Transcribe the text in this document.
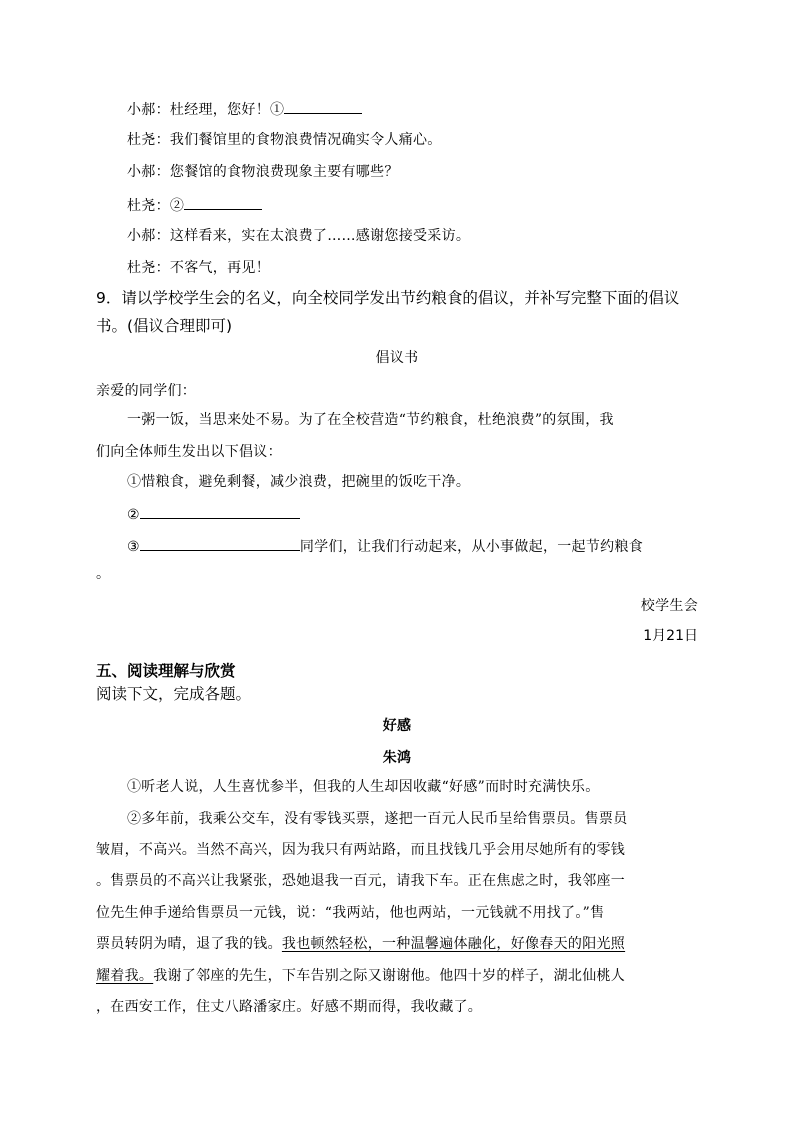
小郝：杜经理，您好！①
杜尧：我们餐馆里的食物浪费情况确实令人痛心。
小郝：您餐馆的食物浪费现象主要有哪些？
杜尧：②
小郝：这样看来，实在太浪费了……感谢您接受采访。
杜尧：不客气，再见！
9．请以学校学生会的名义，向全校同学发出节约粮食的倡议，并补写完整下面的倡议
书。(倡议合理即可)
倡议书
亲爱的同学们：
一粥一饭，当思来处不易。为了在全校营造“节约粮食，杜绝浪费”的氛围，我
们向全体师生发出以下倡议：
①惜粮食，避免剩餐，减少浪费，把碗里的饭吃干净。
②
③	同学们，让我们行动起来，从小事做起，一起节约粮食
。
校学生会
1月21日
五、阅读理解与欣赏
阅读下文，完成各题。
好感
朱鸿
①听老人说，人生喜忧参半，但我的人生却因收藏“好感”而时时充满快乐。
②多年前，我乘公交车，没有零钱买票，遂把一百元人民币呈给售票员。售票员
皱眉，不高兴。当然不高兴，因为我只有两站路，而且找钱几乎会用尽她所有的零钱
。售票员的不高兴让我紧张，恐她退我一百元，请我下车。正在焦虑之时，我邻座一
位先生伸手递给售票员一元钱，说：“我两站，他也两站，一元钱就不用找了。”售
票员转阴为晴，退了我的钱。我也顿然轻松，一种温馨遍体融化，好像春天的阳光照
耀着我。我谢了邻座的先生，下车告别之际又谢谢他。他四十岁的样子，湖北仙桃人
，在西安工作，住丈八路潘家庄。好感不期而得，我收藏了。
